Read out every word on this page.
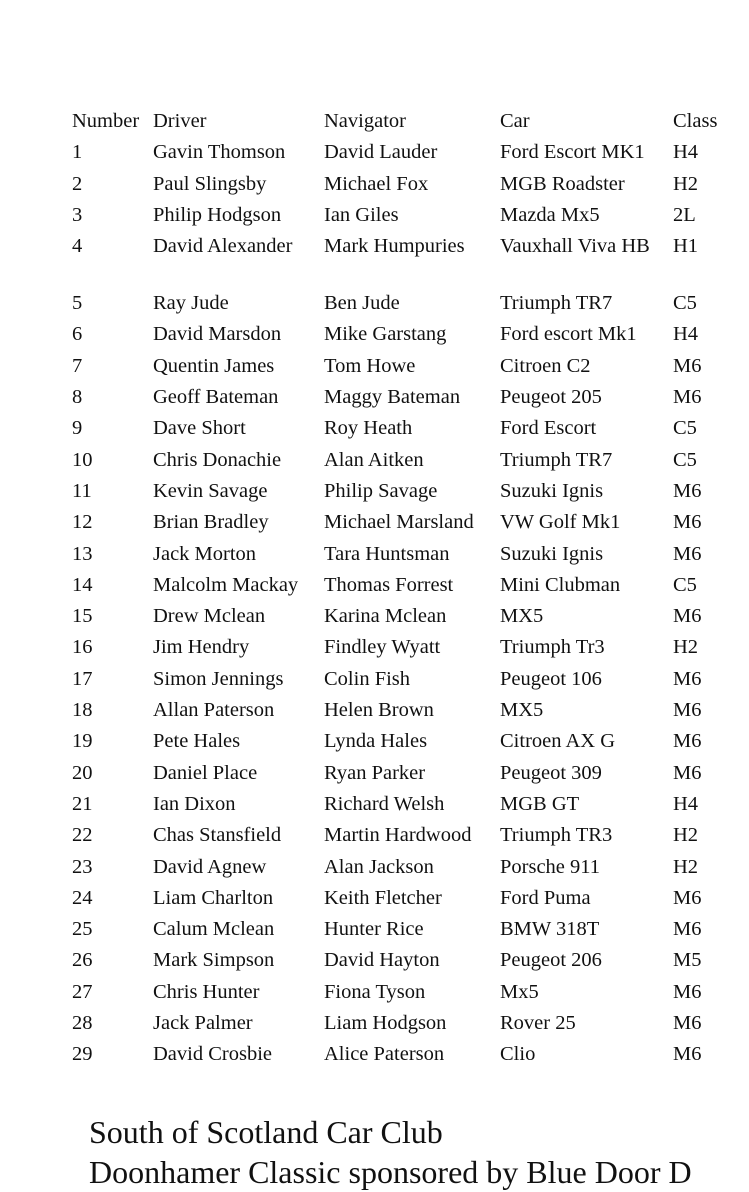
Number	Driver	Navigator	Car	Class
1	Gavin Thomson	David Lauder	Ford Escort MK1	H4
2	Paul Slingsby	Michael Fox	MGB Roadster	H2
3	Philip Hodgson	Ian Giles	Mazda Mx5	2L
4	David Alexander	Mark Humpuries	Vauxhall Viva HB	H1
5	Ray Jude	Ben Jude	Triumph TR7	C5
6	David Marsdon	Mike Garstang	Ford escort Mk1	H4
7	Quentin James	Tom Howe	Citroen C2	M6
8	Geoff Bateman	Maggy Bateman	Peugeot 205	M6
9	Dave Short	Roy Heath	Ford Escort	C5
10	Chris Donachie	Alan Aitken	Triumph TR7	C5
11	Kevin Savage	Philip Savage	Suzuki Ignis	M6
12	Brian Bradley	Michael Marsland	VW Golf Mk1	M6
13	Jack Morton	Tara Huntsman	Suzuki Ignis	M6
14	Malcolm Mackay	Thomas Forrest	Mini Clubman	C5
15	Drew Mclean	Karina Mclean	MX5	M6
16	Jim Hendry	Findley Wyatt	Triumph Tr3	H2
17	Simon Jennings	Colin Fish	Peugeot 106	M6
18	Allan Paterson	Helen Brown	MX5	M6
19	Pete Hales	Lynda Hales	Citroen AX G	M6
20	Daniel Place	Ryan Parker	Peugeot 309	M6
21	Ian Dixon	Richard Welsh	MGB GT	H4
22	Chas Stansfield	Martin Hardwood	Triumph TR3	H2
23	David Agnew	Alan Jackson	Porsche 911	H2
24	Liam Charlton	Keith Fletcher	Ford Puma	M6
25	Calum Mclean	Hunter Rice	BMW 318T	M6
26	Mark Simpson	David Hayton	Peugeot 206	M5
27	Chris Hunter	Fiona Tyson	Mx5	M6
28	Jack Palmer	Liam Hodgson	Rover 25	M6
29	David Crosbie	Alice Paterson	Clio	M6
South of Scotland Car Club
Doonhamer Classic sponsored by Blue Door D
